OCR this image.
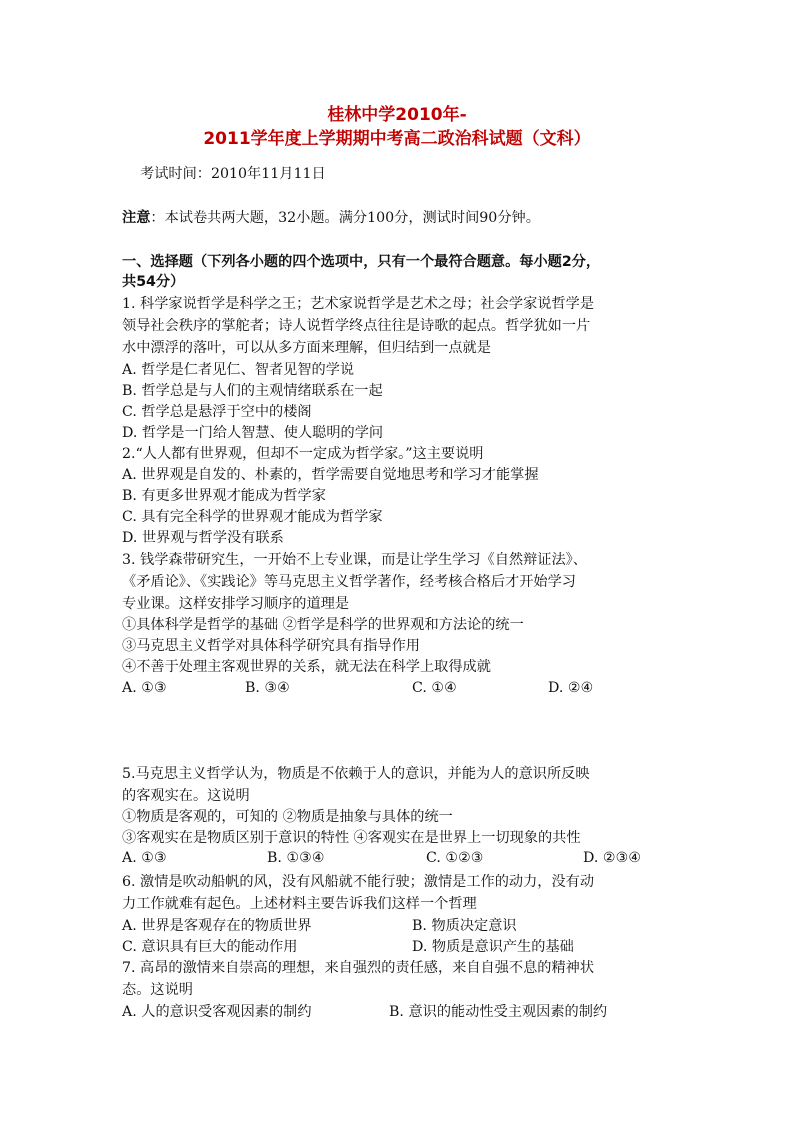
桂林中学2010年-
2011学年度上学期期中考高二政治科试题（文科）
考试时间：2010年11月11日
注意：本试卷共两大题，32小题。满分100分，测试时间90分钟。
一、选择题（下列各小题的四个选项中，只有一个最符合题意。每小题2分，
共54分）
1. 科学家说哲学是科学之王；艺术家说哲学是艺术之母；社会学家说哲学是
领导社会秩序的掌舵者；诗人说哲学终点往往是诗歌的起点。哲学犹如一片
水中漂浮的落叶，可以从多方面来理解，但归结到一点就是
A. 哲学是仁者见仁、智者见智的学说
B. 哲学总是与人们的主观情绪联系在一起
C. 哲学总是悬浮于空中的楼阁
D. 哲学是一门给人智慧、使人聪明的学问
2.“人人都有世界观，但却不一定成为哲学家。”这主要说明
A. 世界观是自发的、朴素的，哲学需要自觉地思考和学习才能掌握
B. 有更多世界观才能成为哲学家
C. 具有完全科学的世界观才能成为哲学家
D. 世界观与哲学没有联系
3. 钱学森带研究生，一开始不上专业课，而是让学生学习《自然辩证法》、
《矛盾论》、《实践论》等马克思主义哲学著作，经考核合格后才开始学习
专业课。这样安排学习顺序的道理是
①具体科学是哲学的基础 ②哲学是科学的世界观和方法论的统一
③马克思主义哲学对具体科学研究具有指导作用
④不善于处理主客观世界的关系，就无法在科学上取得成就
A. ①③	B. ③④	C. ①④	D. ②④
5.马克思主义哲学认为，物质是不依赖于人的意识，并能为人的意识所反映
的客观实在。这说明
①物质是客观的，可知的 ②物质是抽象与具体的统一
③客观实在是物质区别于意识的特性 ④客观实在是世界上一切现象的共性
A. ①③	B. ①③④	C. ①②③	D. ②③④
6. 激情是吹动船帆的风，没有风船就不能行驶；激情是工作的动力，没有动
力工作就难有起色。上述材料主要告诉我们这样一个哲理
A. 世界是客观存在的物质世界	B. 物质决定意识
C. 意识具有巨大的能动作用	D. 物质是意识产生的基础
7. 高昂的激情来自崇高的理想，来自强烈的责任感，来自自强不息的精神状
态。这说明
A. 人的意识受客观因素的制约	B. 意识的能动性受主观因素的制约
